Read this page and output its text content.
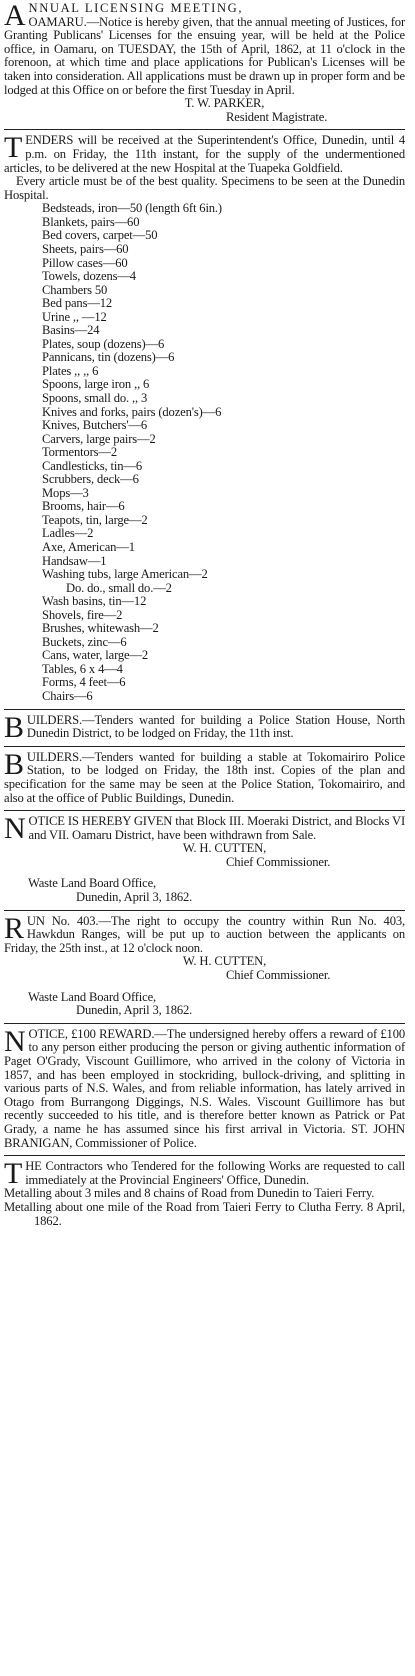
A NNUAL LICENSING MEETING,

OAMARU.—Notice is hereby given, that the annual meeting of Justices, for Granting Publicans' Licenses for the ensuing year, will be held at the Police office, in Oamaru, on TUESDAY, the 15th of April, 1862, at 11 o'clock in the forenoon, at which time and place applications for Publican's Licenses will be taken into consideration. All applications must be drawn up in proper form and be lodged at this Office on or before the first Tuesday in April.

T. W. PARKER,

Resident Magistrate.

T ENDERS will be received at the Superintendent's Office, Dunedin, until 4 p.m. on Friday, the 11th instant, for the supply of the undermentioned articles, to be delivered at the new Hospital at the Tuapeka Goldfield.

Every article must be of the best quality. Specimens to be seen at the Dunedin Hospital.

Bedsteads, iron—50 (length 6ft 6in.)
Blankets, pairs—60
Bed covers, carpet—50
Sheets, pairs—60
Pillow cases—60
Towels, dozens—4
Chambers 50
Bed pans—12
Urine ,, —12
Basins—24
Plates, soup (dozens)—6
Pannicans, tin (dozens)—6
Plates ,, ,, 6
Spoons, large iron ,, 6
Spoons, small do. ,, 3
Knives and forks, pairs (dozen's)—6
Knives, Butchers'—6
Carvers, large pairs—2
Tormentors—2
Candlesticks, tin—6
Scrubbers, deck—6
Mops—3
Brooms, hair—6
Teapots, tin, large—2
Ladles—2
Axe, American—1
Handsaw—1
Washing tubs, large American—2
Do. do., small do.—2
Wash basins, tin—12
Shovels, fire—2
Brushes, whitewash—2
Buckets, zinc—6
Cans, water, large—2
Tables, 6 x 4—4
Forms, 4 feet—6
Chairs—6
B UILDERS.—Tenders wanted for building a Police Station House, North Dunedin District, to be lodged on Friday, the 11th inst.

B UILDERS.—Tenders wanted for building a stable at Tokomairiro Police Station, to be lodged on Friday, the 18th inst. Copies of the plan and specification for the same may be seen at the Police Station, Tokomairiro, and also at the office of Public Buildings, Dunedin.

N OTICE IS HEREBY GIVEN that Block III. Moeraki District, and Blocks VI and VII. Oamaru District, have been withdrawn from Sale.

W. H. CUTTEN,

Chief Commissioner.

Waste Land Board Office,

Dunedin, April 3, 1862.

R UN No. 403.—The right to occupy the country within Run No. 403, Hawkdun Ranges, will be put up to auction between the applicants on Friday, the 25th inst., at 12 o'clock noon.

W. H. CUTTEN,

Chief Commissioner.

Waste Land Board Office,

Dunedin, April 3, 1862.

N OTICE, £100 REWARD.—The undersigned hereby offers a reward of £100 to any person either producing the person or giving authentic information of Paget O'Grady, Viscount Guillimore, who arrived in the colony of Victoria in 1857, and has been employed in stockriding, bullock-driving, and splitting in various parts of N.S. Wales, and from reliable information, has lately arrived in Otago from Burrangong Diggings, N.S. Wales. Viscount Guillimore has but recently succeeded to his title, and is therefore better known as Patrick or Pat Grady, a name he has assumed since his first arrival in Victoria. ST. JOHN BRANIGAN, Commissioner of Police.

T HE Contractors who Tendered for the following Works are requested to call immediately at the Provincial Engineers' Office, Dunedin.

Metalling about 3 miles and 8 chains of Road from Dunedin to Taieri Ferry.

Metalling about one mile of the Road from Taieri Ferry to Clutha Ferry. 8 April, 1862.
